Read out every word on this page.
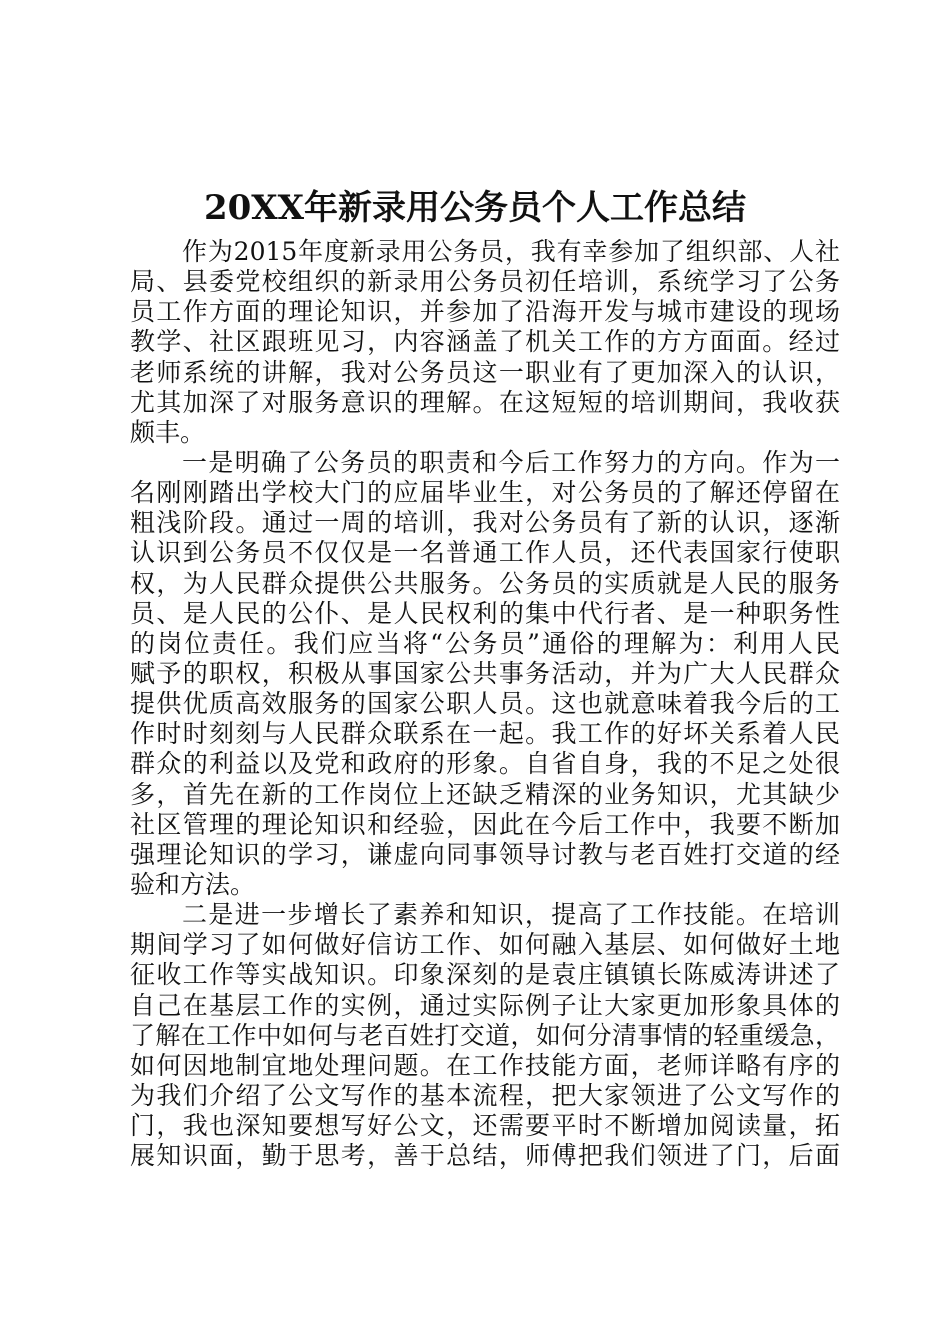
20XX年新录用公务员个人工作总结
作为2015年度新录用公务员，我有幸参加了组织部、人社
局、县委党校组织的新录用公务员初任培训，系统学习了公务
员工作方面的理论知识，并参加了沿海开发与城市建设的现场
教学、社区跟班见习，内容涵盖了机关工作的方方面面。经过
老师系统的讲解，我对公务员这一职业有了更加深入的认识，
尤其加深了对服务意识的理解。在这短短的培训期间，我收获
颇丰。
一是明确了公务员的职责和今后工作努力的方向。作为一
名刚刚踏出学校大门的应届毕业生，对公务员的了解还停留在
粗浅阶段。通过一周的培训，我对公务员有了新的认识，逐渐
认识到公务员不仅仅是一名普通工作人员，还代表国家行使职
权，为人民群众提供公共服务。公务员的实质就是人民的服务
员、是人民的公仆、是人民权利的集中代行者、是一种职务性
的岗位责任。我们应当将“公务员”通俗的理解为：利用人民
赋予的职权，积极从事国家公共事务活动，并为广大人民群众
提供优质高效服务的国家公职人员。这也就意味着我今后的工
作时时刻刻与人民群众联系在一起。我工作的好坏关系着人民
群众的利益以及党和政府的形象。自省自身，我的不足之处很
多，首先在新的工作岗位上还缺乏精深的业务知识，尤其缺少
社区管理的理论知识和经验，因此在今后工作中，我要不断加
强理论知识的学习，谦虚向同事领导讨教与老百姓打交道的经
验和方法。
二是进一步增长了素养和知识，提高了工作技能。在培训
期间学习了如何做好信访工作、如何融入基层、如何做好土地
征收工作等实战知识。印象深刻的是袁庄镇镇长陈威涛讲述了
自己在基层工作的实例，通过实际例子让大家更加形象具体的
了解在工作中如何与老百姓打交道，如何分清事情的轻重缓急，
如何因地制宜地处理问题。在工作技能方面，老师详略有序的
为我们介绍了公文写作的基本流程，把大家领进了公文写作的
门，我也深知要想写好公文，还需要平时不断增加阅读量，拓
展知识面，勤于思考，善于总结，师傅把我们领进了门，后面
